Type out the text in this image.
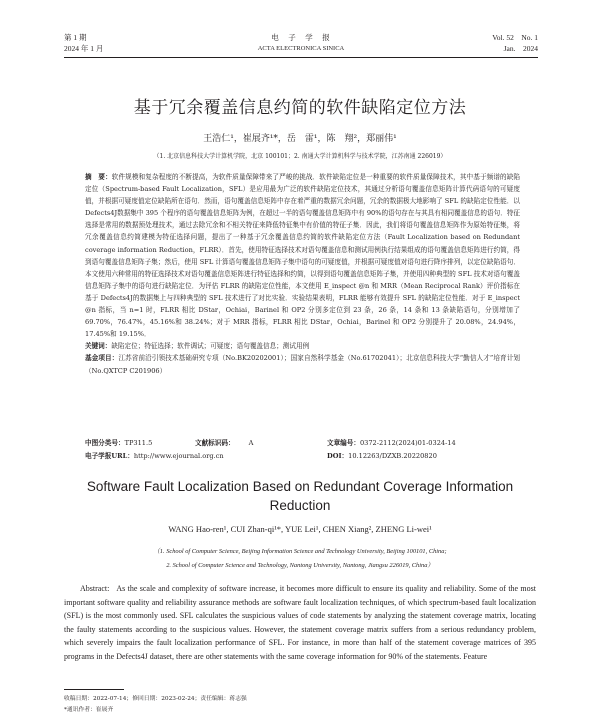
第 1 期
2024 年 1 月
电　子　学　报
ACTA ELECTRONICA SINICA
Vol. 52　No. 1
Jan.　2024
基于冗余覆盖信息约简的软件缺陷定位方法
王浩仁¹，崔展齐¹*，岳　雷¹，陈　翔²，郑丽伟¹
（1. 北京信息科技大学计算机学院，北京 100101；2. 南通大学计算机科学与技术学院，江苏南通 226019）

摘　要：软件规模和复杂程度的不断提高，为软件质量保障带来了严峻的挑战．软件缺陷定位是一种重要的软件质量保障技术，其中基于频谱的缺陷定位（Spectrum-based Fault Localization，SFL）是应用最为广泛的软件缺陷定位技术，其通过分析语句覆盖信息矩阵计算代码语句的可疑度值，并根据可疑度值定位缺陷所在语句．然而，语句覆盖信息矩阵中存在着严重的数据冗余问题，冗余的数据极大地影响了 SFL 的缺陷定位性能．以Defects4J数据集中 395 个程序的语句覆盖信息矩阵为例，在超过一半的语句覆盖信息矩阵中有 90%的语句存在与其具有相同覆盖信息的语句．特征选择是常用的数据预处理技术，通过去除冗余和不相关特征来降低特征集中有价值的特征子集．因此，我们将语句覆盖信息矩阵作为原始特征集，将冗余覆盖信息约简建模为特征选择问题，提出了一种基于冗余覆盖信息约简的软件缺陷定位方法（Fault Localization based on Redundant coverage information Reduction，FLRR）．首先，使用特征选择技术对语句覆盖信息和测试用例执行结果组成的语句覆盖信息矩阵进行约简，得到语句覆盖信息矩阵子集；然后，使用 SFL 计算语句覆盖信息矩阵子集中语句的可疑度值，并根据可疑度值对语句进行降序排列，以定位缺陷语句．本文使用六种常用的特征选择技术对语句覆盖信息矩阵进行特征选择和约简，以得到语句覆盖信息矩阵子集，并使用四种典型的 SFL 技术对语句覆盖信息矩阵子集中的语句进行缺陷定位．为评估 FLRR 的缺陷定位性能，本文使用 E_inspect @n 和 MRR（Mean Reciprocal Rank）评价指标在基于 Defects4J的数据集上与四种典型的 SFL 技术进行了对比实验．实验结果表明，FLRR 能够有效提升 SFL 的缺陷定位性能．对于 E_inspect @n 指标，当 n=1 时，FLRR 相比 DStar，Ochiai，Barinel 和 OP2 分别多定位到 23 条，26 条，14 条和 13 条缺陷语句，分别增加了 69.70%，76.47%，45.16%和 38.24%；对于 MRR 指标，FLRR 相比 DStar，Ochiai，Barinel 和 OP2 分别提升了 20.08%，24.94%，17.45%和 19.15%．

关键词：缺陷定位；特征选择；软件调试；可疑度；语句覆盖信息；测试用例

基金项目：江苏省前沿引领技术基础研究专项（No.BK20202001）；国家自然科学基金（No.61702041）；北京信息科技大学“勤信人才”培育计划（No.QXTCP C201906）

中图分类号：TP311.5	文献标识码： A	文章编号：0372-2112(2024)01-0324-14
电子学报URL：http://www.ejournal.org.cn	DOI：10.12263/DZXB.20220820
Software Fault Localization Based on Redundant Coverage Information Reduction
WANG Hao-ren¹, CUI Zhan-qi¹*, YUE Lei¹, CHEN Xiang², ZHENG Li-wei¹
（1. School of Computer Science, Beijing Information Science and Technology University, Beijing 100101, China;
2. School of Computer Science and Technology, Nantong University, Nantong, Jiangsu 226019, China）

Abstract: As the scale and complexity of software increase, it becomes more difficult to ensure its quality and reliability. Some of the most important software quality and reliability assurance methods are software fault localization techniques, of which spectrum-based fault localization (SFL) is the most commonly used. SFL calculates the suspicious values of code statements by analyzing the statement coverage matrix, locating the faulty statements according to the suspicious values. However, the statement coverage matrix suffers from a serious redundancy problem, which severely impairs the fault localization performance of SFL. For instance, in more than half of the statement coverage matrices of 395 programs in the Defects4J dataset, there are other statements with the same coverage information for 90% of the statements. Feature

收稿日期：2022-07-14；修回日期：2023-02-24；责任编辑：蒋志强
*通讯作者：崔展齐
